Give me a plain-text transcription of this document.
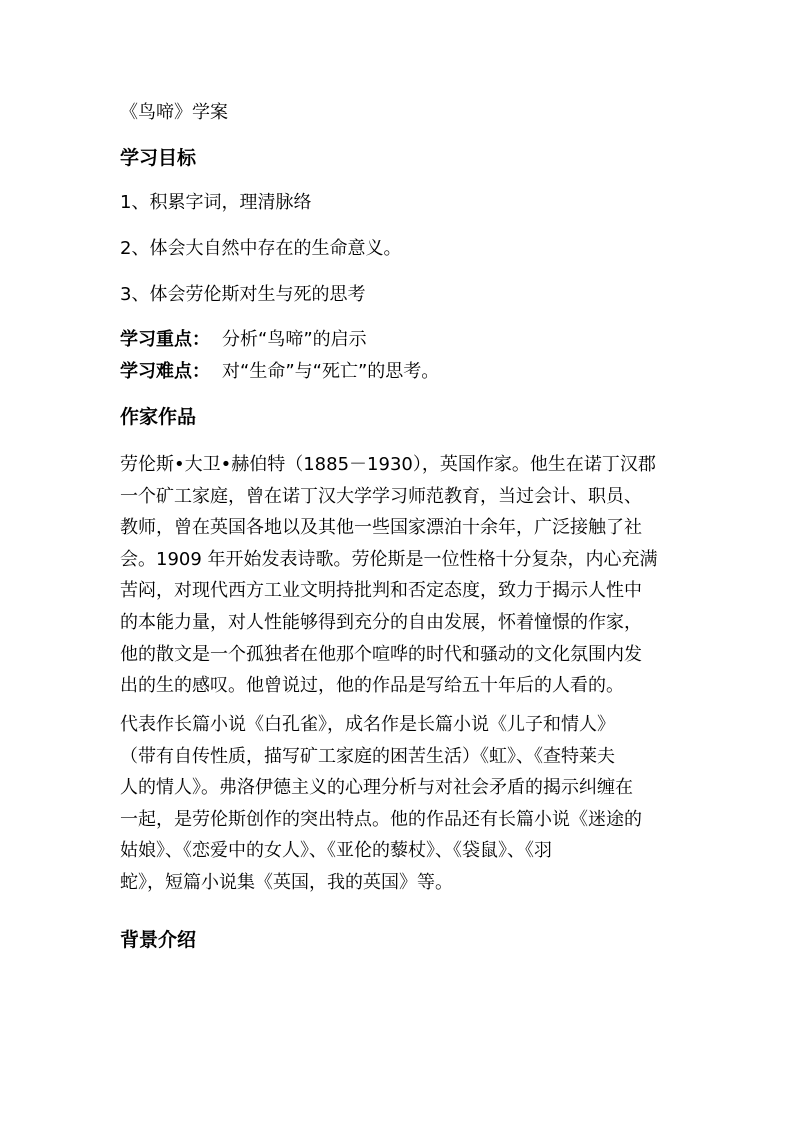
《鸟啼》学案
学习目标
1、积累字词，理清脉络
2、体会大自然中存在的生命意义。
3、体会劳伦斯对生与死的思考
学习重点： 分析“鸟啼”的启示
学习难点： 对“生命”与“死亡”的思考。
作家作品
劳伦斯•大卫•赫伯特（1885－1930），英国作家。他生在诺丁汉郡
一个矿工家庭，曾在诺丁汉大学学习师范教育，当过会计、职员、
教师，曾在英国各地以及其他一些国家漂泊十余年，广泛接触了社
会。1909 年开始发表诗歌。劳伦斯是一位性格十分复杂，内心充满
苦闷，对现代西方工业文明持批判和否定态度，致力于揭示人性中
的本能力量，对人性能够得到充分的自由发展，怀着憧憬的作家，
他的散文是一个孤独者在他那个喧哗的时代和骚动的文化氛围内发
出的生的感叹。他曾说过，他的作品是写给五十年后的人看的。
代表作长篇小说《白孔雀》，成名作是长篇小说《儿子和情人》
（带有自传性质，描写矿工家庭的困苦生活）《虹》、《查特莱夫
人的情人》。弗洛伊德主义的心理分析与对社会矛盾的揭示纠缠在
一起，是劳伦斯创作的突出特点。他的作品还有长篇小说《迷途的
姑娘》、《恋爱中的女人》、《亚伦的藜杖》、《袋鼠》、《羽
蛇》，短篇小说集《英国，我的英国》等。
背景介绍
